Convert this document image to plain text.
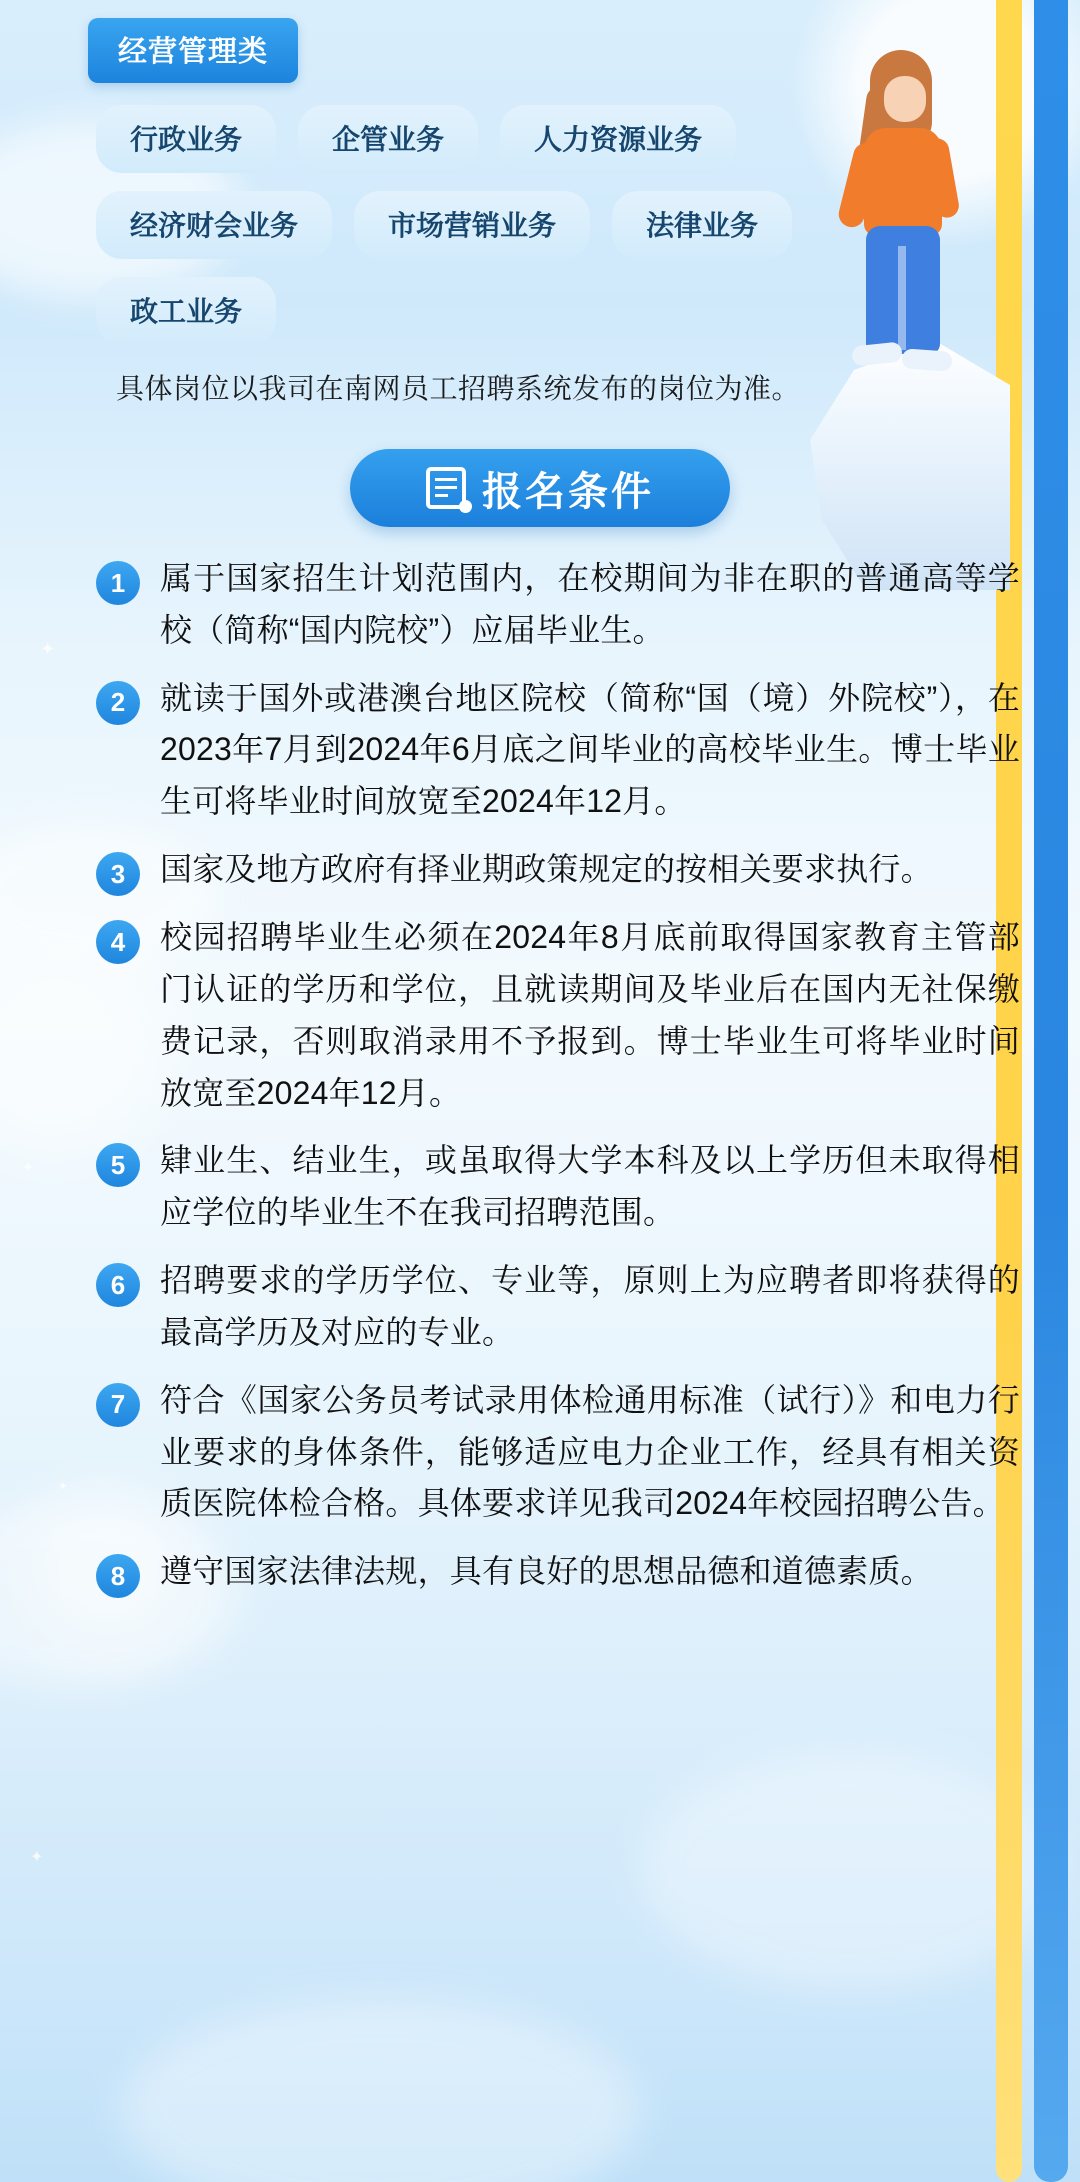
✦
✦
✦
✦
经营管理类
行政业务	企管业务	人力资源业务
经济财会业务	市场营销业务	法律业务
政工业务
具体岗位以我司在南网员工招聘系统发布的岗位为准。
报名条件
1	属于国家招生计划范围内，在校期间为非在职的普通高等学校（简称“国内院校”）应届毕业生。
2	就读于国外或港澳台地区院校（简称“国（境）外院校”），在2023年7月到2024年6月底之间毕业的高校毕业生。博士毕业生可将毕业时间放宽至2024年12月。
3	国家及地方政府有择业期政策规定的按相关要求执行。
4	校园招聘毕业生必须在2024年8月底前取得国家教育主管部门认证的学历和学位，且就读期间及毕业后在国内无社保缴费记录，否则取消录用不予报到。博士毕业生可将毕业时间放宽至2024年12月。
5	肄业生、结业生，或虽取得大学本科及以上学历但未取得相应学位的毕业生不在我司招聘范围。
6	招聘要求的学历学位、专业等，原则上为应聘者即将获得的最高学历及对应的专业。
7	符合《国家公务员考试录用体检通用标准（试行）》和电力行业要求的身体条件，能够适应电力企业工作，经具有相关资质医院体检合格。具体要求详见我司2024年校园招聘公告。
8	遵守国家法律法规，具有良好的思想品德和道德素质。
